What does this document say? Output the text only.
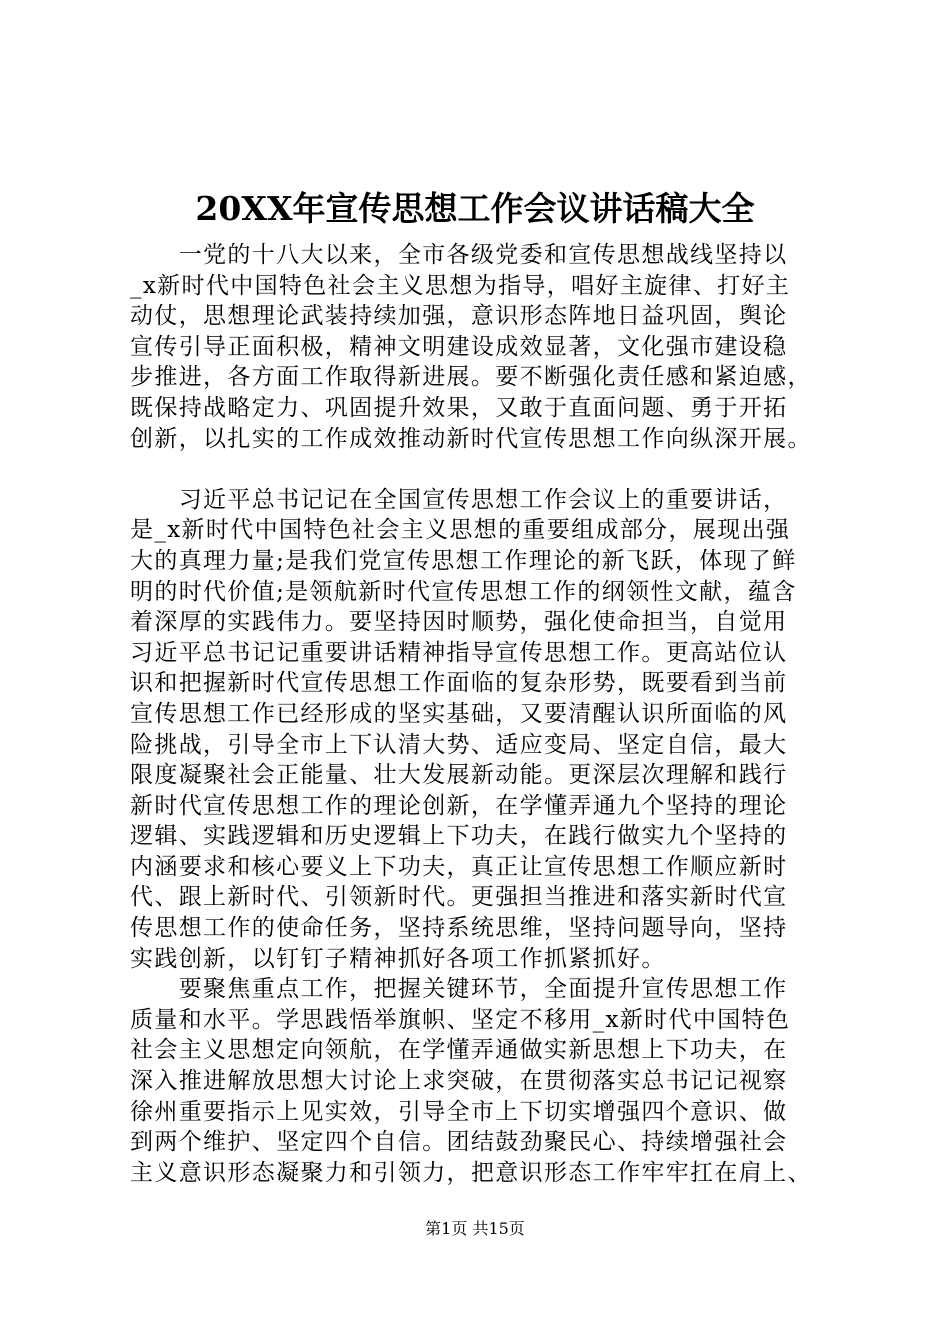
20XX年宣传思想工作会议讲话稿大全
　　一党的十八大以来，全市各级党委和宣传思想战线坚持以
_x新时代中国特色社会主义思想为指导，唱好主旋律、打好主
动仗，思想理论武装持续加强，意识形态阵地日益巩固，舆论
宣传引导正面积极，精神文明建设成效显著，文化强市建设稳
步推进，各方面工作取得新进展。要不断强化责任感和紧迫感，
既保持战略定力、巩固提升效果，又敢于直面问题、勇于开拓
创新，以扎实的工作成效推动新时代宣传思想工作向纵深开展。
　　习近平总书记记在全国宣传思想工作会议上的重要讲话，
是_x新时代中国特色社会主义思想的重要组成部分，展现出强
大的真理力量;是我们党宣传思想工作理论的新飞跃，体现了鲜
明的时代价值;是领航新时代宣传思想工作的纲领性文献，蕴含
着深厚的实践伟力。要坚持因时顺势，强化使命担当，自觉用
习近平总书记记重要讲话精神指导宣传思想工作。更高站位认
识和把握新时代宣传思想工作面临的复杂形势，既要看到当前
宣传思想工作已经形成的坚实基础，又要清醒认识所面临的风
险挑战，引导全市上下认清大势、适应变局、坚定自信，最大
限度凝聚社会正能量、壮大发展新动能。更深层次理解和践行
新时代宣传思想工作的理论创新，在学懂弄通九个坚持的理论
逻辑、实践逻辑和历史逻辑上下功夫，在践行做实九个坚持的
内涵要求和核心要义上下功夫，真正让宣传思想工作顺应新时
代、跟上新时代、引领新时代。更强担当推进和落实新时代宣
传思想工作的使命任务，坚持系统思维，坚持问题导向，坚持
实践创新，以钉钉子精神抓好各项工作抓紧抓好。
　　要聚焦重点工作，把握关键环节，全面提升宣传思想工作
质量和水平。学思践悟举旗帜、坚定不移用_x新时代中国特色
社会主义思想定向领航，在学懂弄通做实新思想上下功夫，在
深入推进解放思想大讨论上求突破，在贯彻落实总书记记视察
徐州重要指示上见实效，引导全市上下切实增强四个意识、做
到两个维护、坚定四个自信。团结鼓劲聚民心、持续增强社会
主义意识形态凝聚力和引领力，把意识形态工作牢牢扛在肩上、
第1页 共15页
